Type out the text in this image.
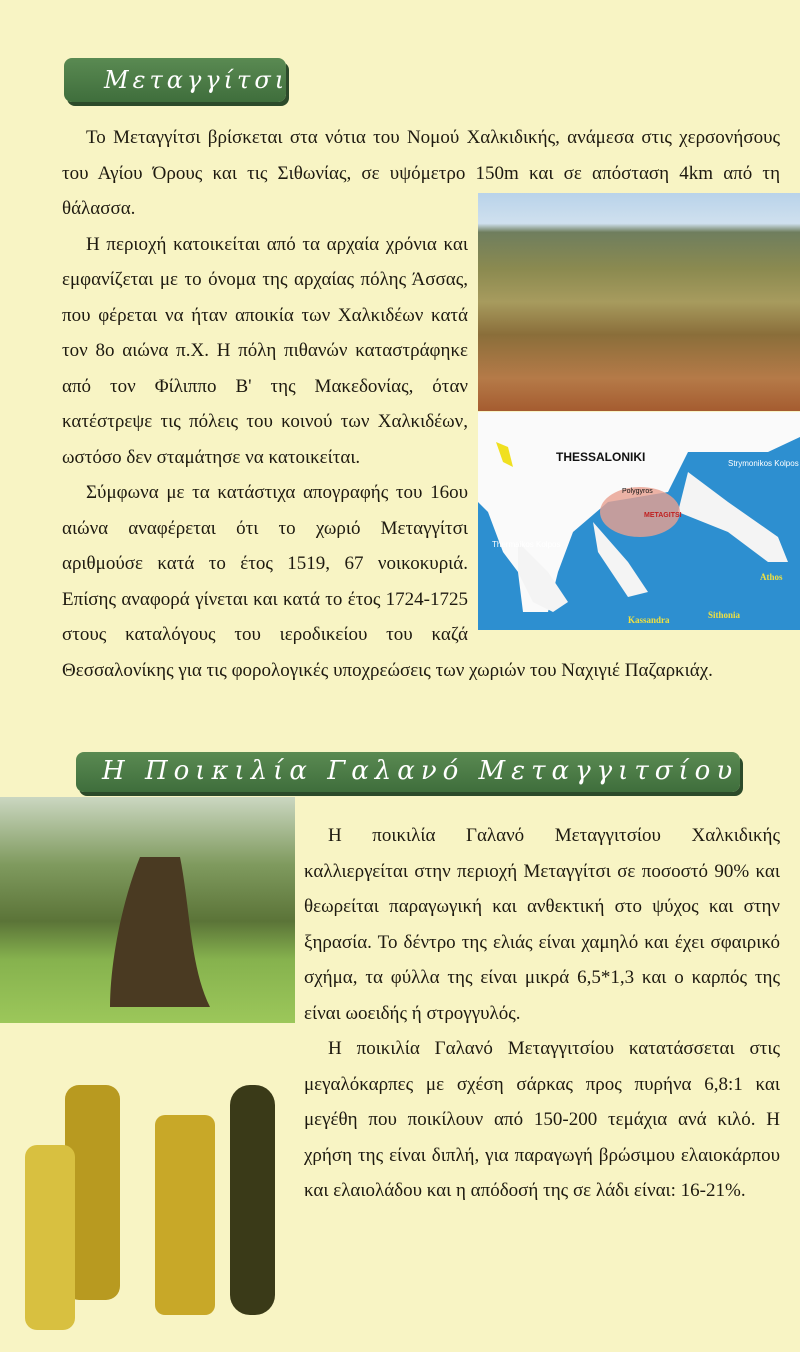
Μεταγγίτσι
THESSALONIKI	Strymonikos Kolpos
Thermaikos Kolpos
METAGITSI
Polygyros
Athos
Sithonia
Kassandra

Το Μεταγγίτσι βρίσκεται στα νότια του Νομού Χαλκιδικής, ανάμεσα στις χερσονήσους του Αγίου Όρους και τις Σιθωνίας, σε υψόμετρο 150m και σε απόσταση 4km από τη θάλασσα.

Η περιοχή κατοικείται από τα αρχαία χρόνια και εμφανίζεται με το όνομα της αρχαίας πόλης Άσσας, που φέρεται να ήταν αποικία των Χαλκιδέων κατά τον 8ο αιώνα π.Χ. Η πόλη πιθανών καταστράφηκε από τον Φίλιππο Β' της Μακεδονίας, όταν κατέστρεψε τις πόλεις του κοινού των Χαλκιδέων, ωστόσο δεν σταμάτησε να κατοικείται.

Σύμφωνα με τα κατάστιχα απογραφής του 16ου αιώνα αναφέρεται ότι το χωριό Μεταγγίτσι αριθμούσε κατά το έτος 1519, 67 νοικοκυριά. Επίσης αναφορά γίνεται και κατά το έτος 1724-1725 στους καταλόγους του ιεροδικείου του καζά Θεσσαλονίκης για τις φορολογικές υποχρεώσεις των χωριών του Ναχιγιέ Παζαρκιάχ.

Η Ποικιλία Γαλανό Μεταγγιτσίου

Η ποικιλία Γαλανό Μεταγγιτσίου Χαλκιδικής καλλιεργείται στην περιοχή Μεταγγίτσι σε ποσοστό 90% και θεωρείται παραγωγική και ανθεκτική στο ψύχος και στην ξηρασία. Το δέντρο της ελιάς είναι χαμηλό και έχει σφαιρικό σχήμα, τα φύλλα της είναι μικρά 6,5*1,3 και ο καρπός της είναι ωοειδής ή στρογγυλός.

Η ποικιλία Γαλανό Μεταγγιτσίου κατατάσσεται στις μεγαλόκαρπες με σχέση σάρκας προς πυρήνα 6,8:1 και μεγέθη που ποικίλουν από 150-200 τεμάχια ανά κιλό. Η χρήση της είναι διπλή, για παραγωγή βρώσιμου ελαιοκάρπου και ελαιολάδου και η απόδοσή της σε λάδι είναι: 16-21%.
